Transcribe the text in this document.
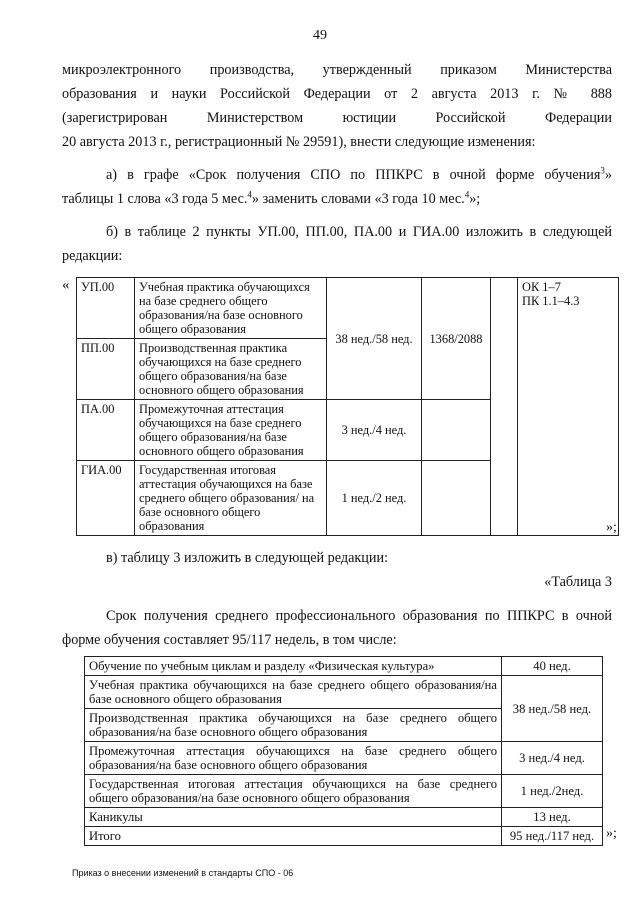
49
микроэлектронного производства, утвержденный приказом Министерства
образования и науки Российской Федерации от 2 августа 2013 г. № 888
(зарегистрирован Министерством юстиции Российской Федерации
20 августа 2013 г., регистрационный № 29591), внести следующие изменения:
а) в графе «Срок получения СПО по ППКРС в очной форме обучения$^3$»
таблицы 1 слова «3 года 5 мес.$^4$» заменить словами «3 года 10 мес.$^4$»;
б) в таблице 2 пункты УП.00, ПП.00, ПА.00 и ГИА.00 изложить в следующей
редакции:
« УП.00	Учебная практика обучающихся на базе среднего общего образования/на базе основного общего образования	38 нед./58 нед.	1368/2088		ОК 1–7
ПК 1.1–4.3

ПП.00	Производственная практика обучающихся на базе среднего общего образования/на базе основного общего образования				
ПА.00	Промежуточная аттестация обучающихся на базе среднего общего образования/на базе основного общего образования	3 нед./4 нед.			
ГИА.00	Государственная итоговая аттестация обучающихся на базе среднего общего образования/ на базе основного общего образования	1 нед./2 нед.			
»;
в) таблицу 3 изложить в следующей редакции:
«Таблица 3
Срок получения среднего профессионального образования по ППКРС в очной
форме обучения составляет 95/117 недель, в том числе:
Обучение по учебным циклам и разделу «Физическая культура»	40 нед.
Учебная практика обучающихся на базе среднего общего образования/на базе основного общего образования	38 нед./58 нед.
Производственная практика обучающихся на базе среднего общего образования/на базе основного общего образования	
Промежуточная аттестация обучающихся на базе среднего общего образования/на базе основного общего образования	3 нед./4 нед.
Государственная итоговая аттестация обучающихся на базе среднего общего образования/на базе основного общего образования	1 нед./2нед.
Каникулы	13 нед.
Итого	95 нед./117 нед. »;
Приказ о внесении изменений в стандарты СПО - 06
